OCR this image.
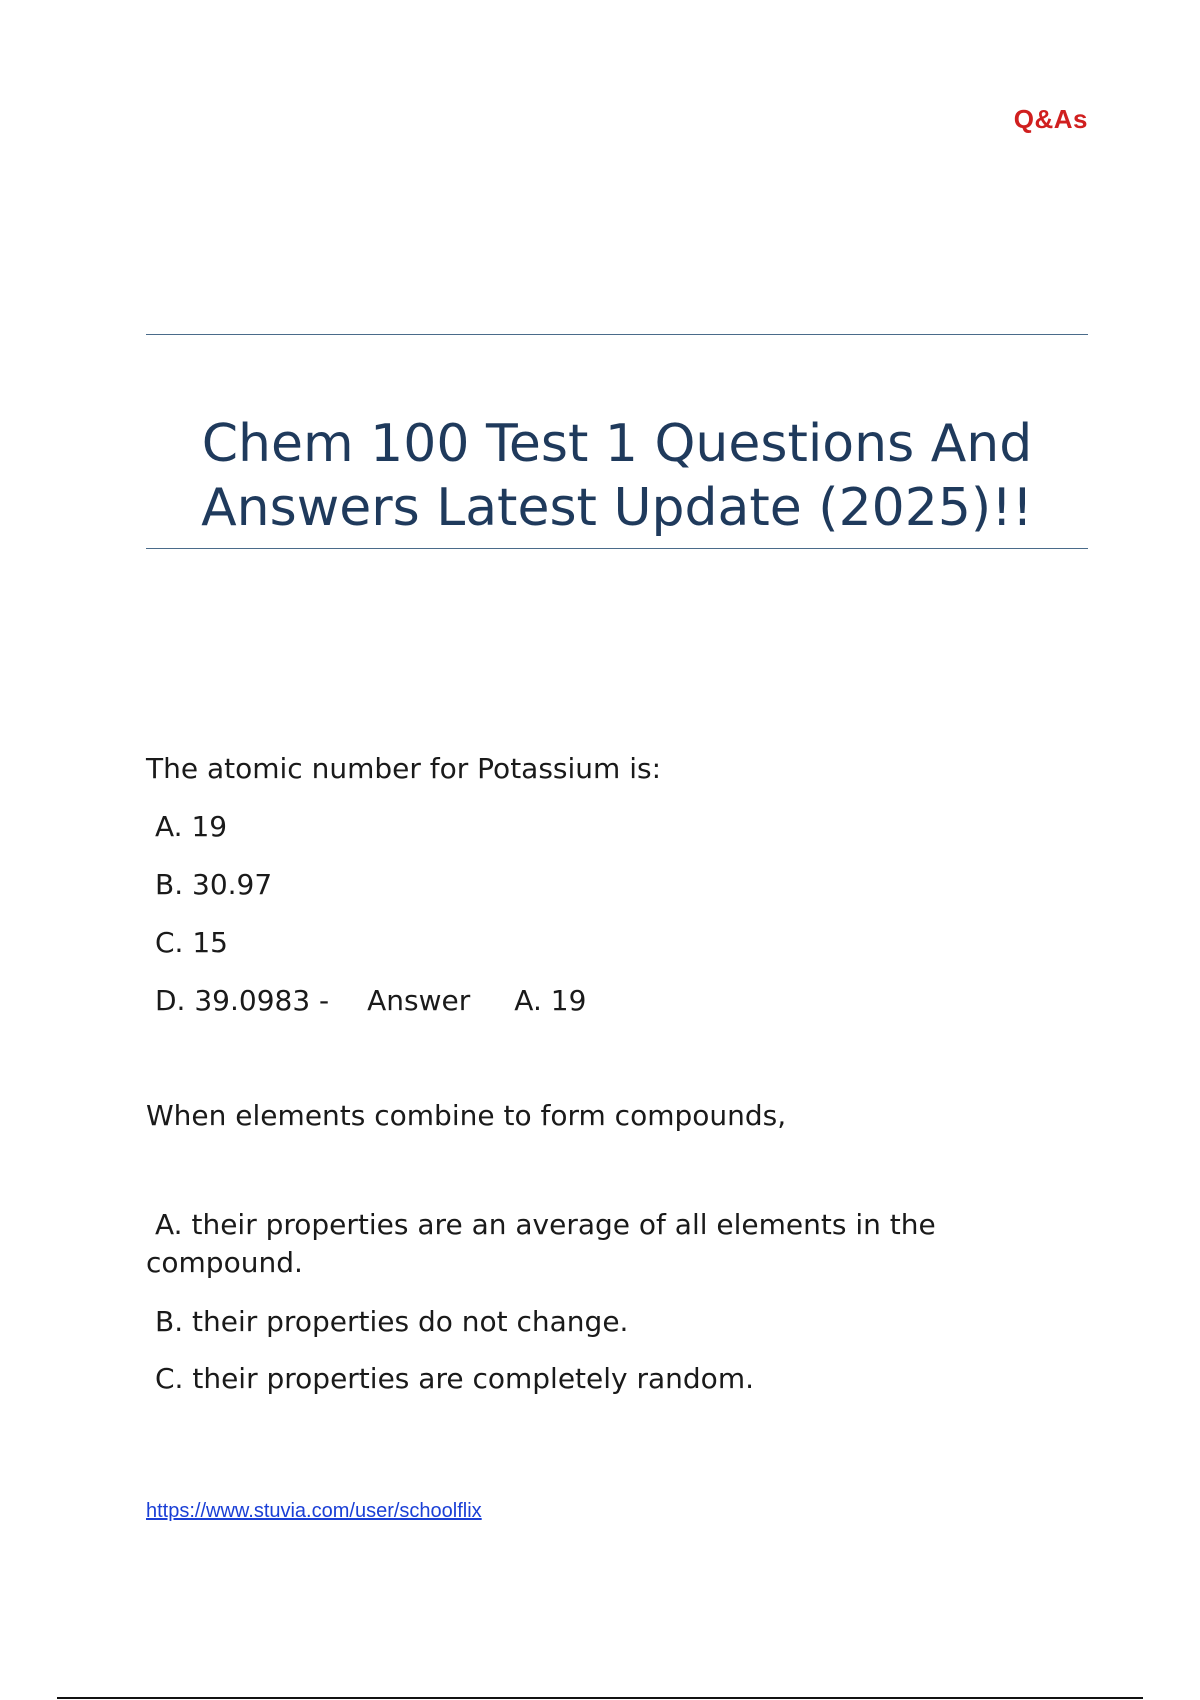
Q&As
Chem 100 Test 1 Questions And
Answers Latest Update (2025)!!

The atomic number for Potassium is:

A. 19

B. 30.97

C. 15

D. 39.0983 - Answer A. 19

When elements combine to form compounds,

A. their properties are an average of all elements in the compound.

B. their properties do not change.

C. their properties are completely random.

https://www.stuvia.com/user/schoolflix
